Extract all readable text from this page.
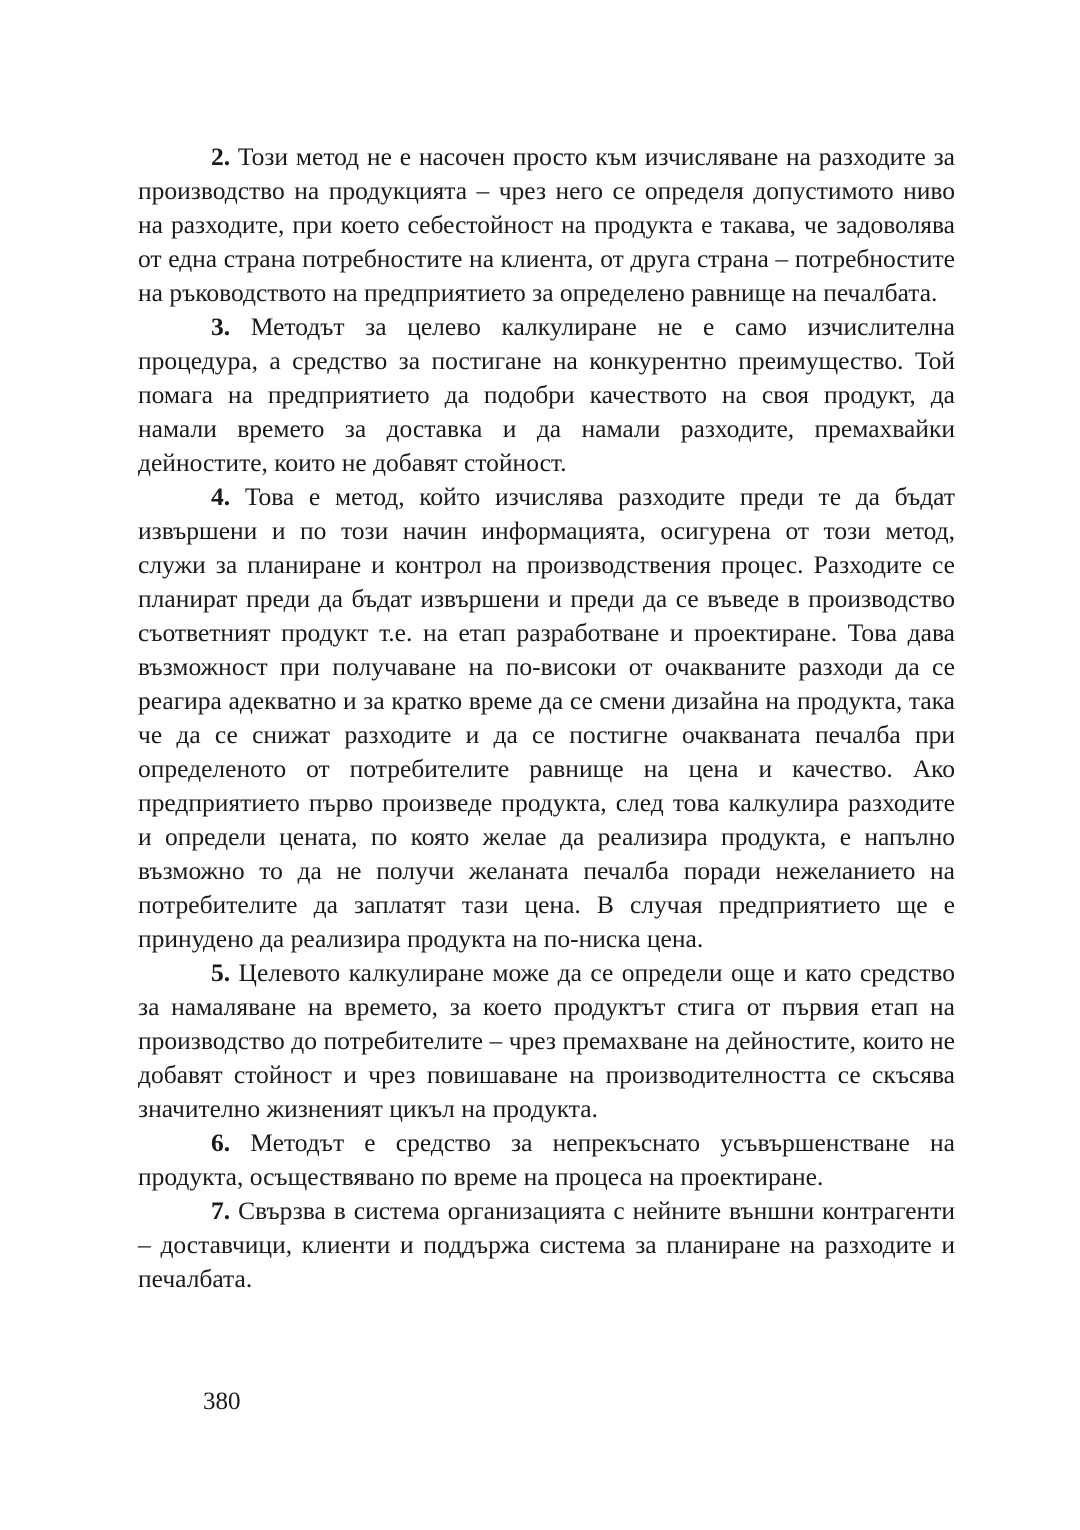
2. Този метод не е насочен просто към изчисляване на разходите за производство на продукцията – чрез него се определя допустимото ниво на разходите, при което себестойност на продукта е такава, че задоволява от една страна потребностите на клиента, от друга страна – потребностите на ръководството на предприятието за определено равнище на печалбата.

3. Методът за целево калкулиране не е само изчислителна процедура, а средство за постигане на конкурентно преимущество. Той помага на предприятието да подобри качеството на своя продукт, да намали времето за доставка и да намали разходите, премахвайки дейностите, които не добавят стойност.

4. Това е метод, който изчислява разходите преди те да бъдат извършени и по този начин информацията, осигурена от този метод, служи за планиране и контрол на производствения процес. Разходите се планират преди да бъдат извършени и преди да се въведе в производство съответният продукт т.е. на етап разработване и проектиране. Това дава възможност при получаване на по-високи от очакваните разходи да се реагира адекватно и за кратко време да се смени дизайна на продукта, така че да се снижат разходите и да се постигне очакваната печалба при определеното от потребителите равнище на цена и качество. Ако предприятието първо произведе продукта, след това калкулира разходите и определи цената, по която желае да реализира продукта, е напълно възможно то да не получи желаната печалба поради нежеланието на потребителите да заплатят тази цена. В случая предприятието ще е принудено да реализира продукта на по-ниска цена.

5. Целевото калкулиране може да се определи още и като средство за намаляване на времето, за което продуктът стига от първия етап на производство до потребителите – чрез премахване на дейностите, които не добавят стойност и чрез повишаване на производителността се скъсява значително жизненият цикъл на продукта.

6. Методът е средство за непрекъснато усъвършенстване на продукта, осъществявано по време на процеса на проектиране.

7. Свързва в система организацията с нейните външни контрагенти – доставчици, клиенти и поддържа система за планиране на разходите и печалбата.

380
